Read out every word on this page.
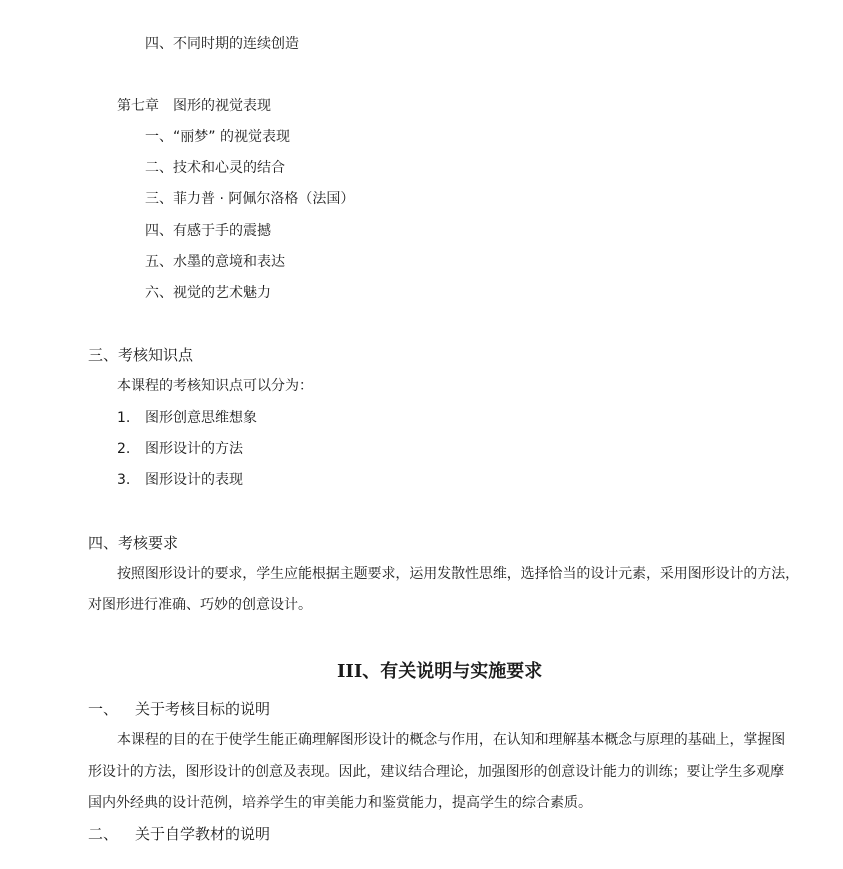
四、不同时期的连续创造
第七章　图形的视觉表现
一、“丽梦” 的视觉表现
二、技术和心灵的结合
三、菲力普 · 阿佩尔洛格（法国）
四、有感于手的震撼
五、水墨的意境和表达
六、视觉的艺术魅力
三、考核知识点
本课程的考核知识点可以分为：
1. 图形创意思维想象
2. 图形设计的方法
3. 图形设计的表现
四、考核要求
按照图形设计的要求，学生应能根据主题要求，运用发散性思维，选择恰当的设计元素，采用图形设计的方法，
对图形进行准确、巧妙的创意设计。
III、有关说明与实施要求
一、 关于考核目标的说明
本课程的目的在于使学生能正确理解图形设计的概念与作用，在认知和理解基本概念与原理的基础上，掌握图
形设计的方法，图形设计的创意及表现。因此，建议结合理论，加强图形的创意设计能力的训练；要让学生多观摩
国内外经典的设计范例，培养学生的审美能力和鉴赏能力，提高学生的综合素质。
二、 关于自学教材的说明
